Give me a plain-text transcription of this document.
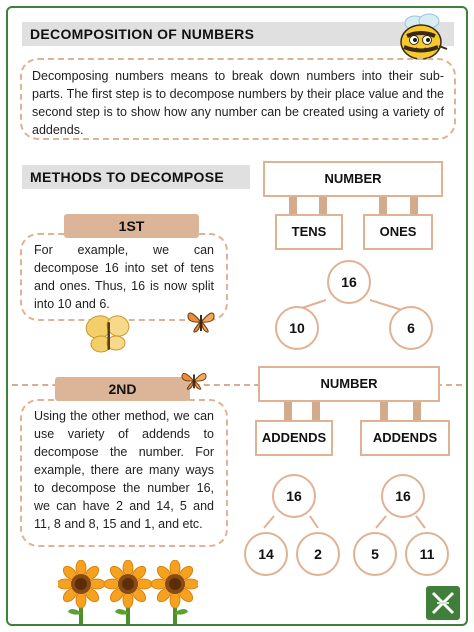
DECOMPOSITION OF NUMBERS
Decomposing numbers means to break down numbers into their sub-parts. The first step is to decompose numbers by their place value and the second step is to show how any number can be created using a variety of addends.
METHODS TO DECOMPOSE
For example, we can decompose 16 into set of tens and ones. Thus, 16 is now split into 10 and 6.
1ST
Using the other method, we can use variety of addends to decompose the number. For example, there are many ways to decompose the number 16, we can have 2 and 14, 5 and 11, 8 and 8, 15 and 1, and etc.
2ND
NUMBER
TENS	ONES
16
10	6
NUMBER
ADDENDS	ADDENDS
16
14	2
16
5	11
